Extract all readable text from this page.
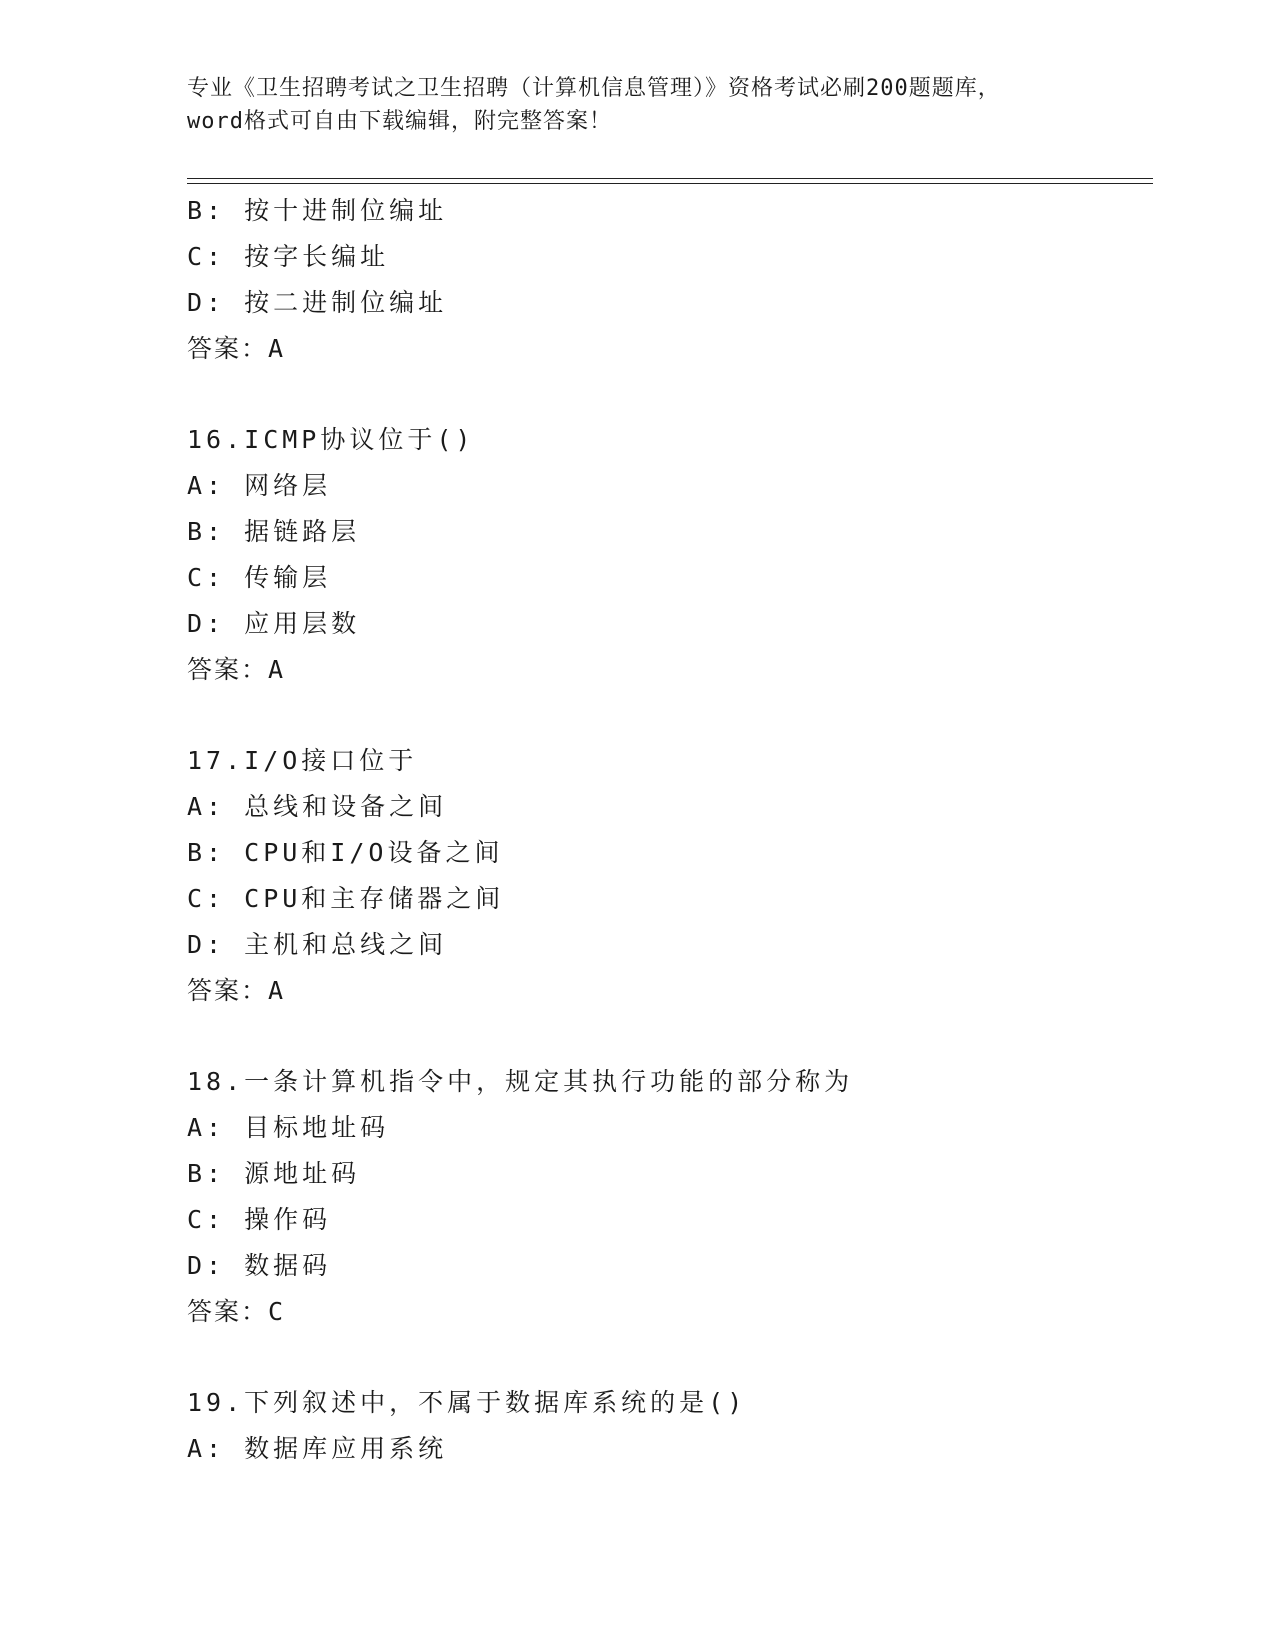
专业《卫生招聘考试之卫生招聘（计算机信息管理）》资格考试必刷200题题库，
word格式可自由下载编辑，附完整答案！
B: 按十进制位编址
C: 按字长编址
D: 按二进制位编址
答案：A
16.ICMP协议位于()
A: 网络层
B: 据链路层
C: 传输层
D: 应用层数
答案：A
17.I/O接口位于
A: 总线和设备之间
B: CPU和I/O设备之间
C: CPU和主存储器之间
D: 主机和总线之间
答案：A
18.一条计算机指令中，规定其执行功能的部分称为
A: 目标地址码
B: 源地址码
C: 操作码
D: 数据码
答案：C
19.下列叙述中，不属于数据库系统的是()
A: 数据库应用系统
